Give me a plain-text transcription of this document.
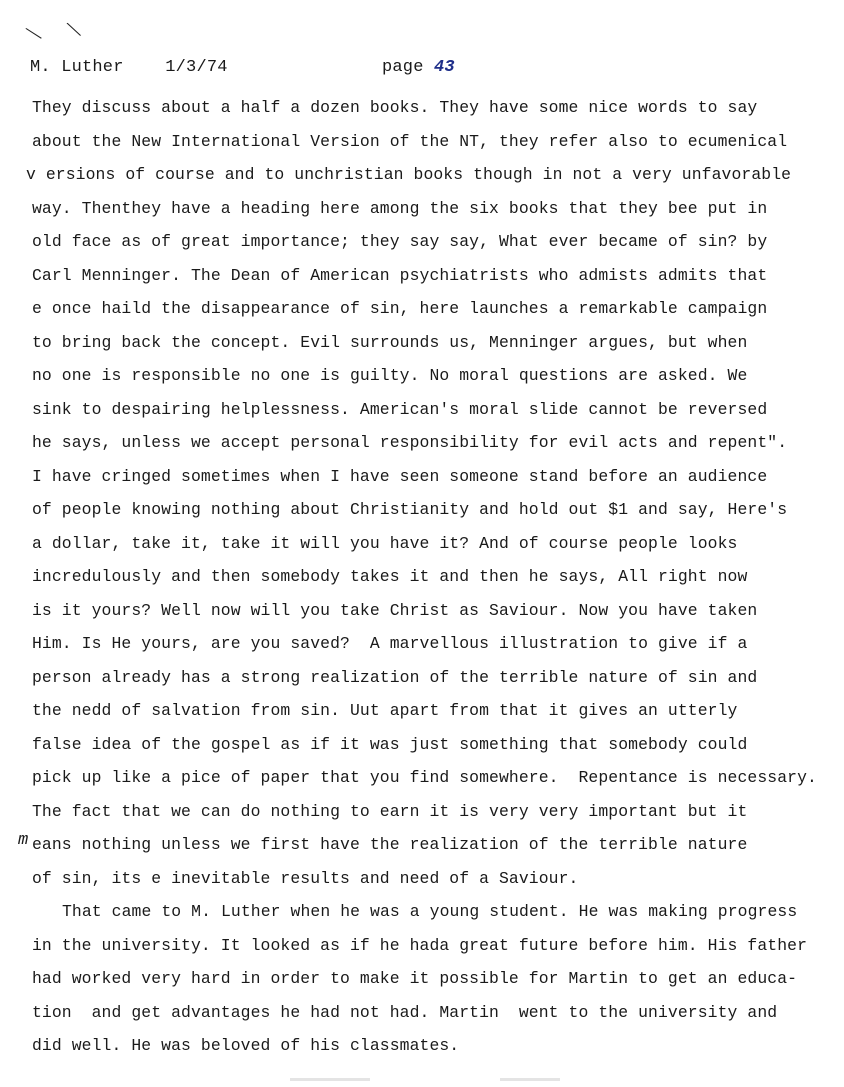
╲ ╲
M. Luther 1/3/74	page 43
m
They discuss about a half a dozen books. They have some nice words to say
about the New International Version of the NT, they refer also to ecumenical
v ersions of course and to unchristian books though in not a very unfavorable
way. Thenthey have a heading here among the six books that they bee put in
old face as of great importance; they say say, What ever became of sin? by
Carl Menninger. The Dean of American psychiatrists who admists admits that
e once haild the disappearance of sin, here launches a remarkable campaign
to bring back the concept. Evil surrounds us, Menninger argues, but when
no one is responsible no one is guilty. No moral questions are asked. We
sink to despairing helplessness. American's moral slide cannot be reversed
he says, unless we accept personal responsibility for evil acts and repent".
I have cringed sometimes when I have seen someone stand before an audience
of people knowing nothing about Christianity and hold out $1 and say, Here's
a dollar, take it, take it will you have it? And of course people looks
incredulously and then somebody takes it and then he says, All right now
is it yours? Well now will you take Christ as Saviour. Now you have taken
Him. Is He yours, are you saved?  A marvellous illustration to give if a
person already has a strong realization of the terrible nature of sin and
the nedd of salvation from sin. Uut apart from that it gives an utterly
false idea of the gospel as if it was just something that somebody could
pick up like a pice of paper that you find somewhere.  Repentance is necessary.
The fact that we can do nothing to earn it is very very important but it
eans nothing unless we first have the realization of the terrible nature
of sin, its e inevitable results and need of a Saviour.
That came to M. Luther when he was a young student. He was making progress
in the university. It looked as if he hada great future before him. His father
had worked very hard in order to make it possible for Martin to get an educa-
tion  and get advantages he had not had. Martin  went to the university and
did well. He was beloved of his classmates.
